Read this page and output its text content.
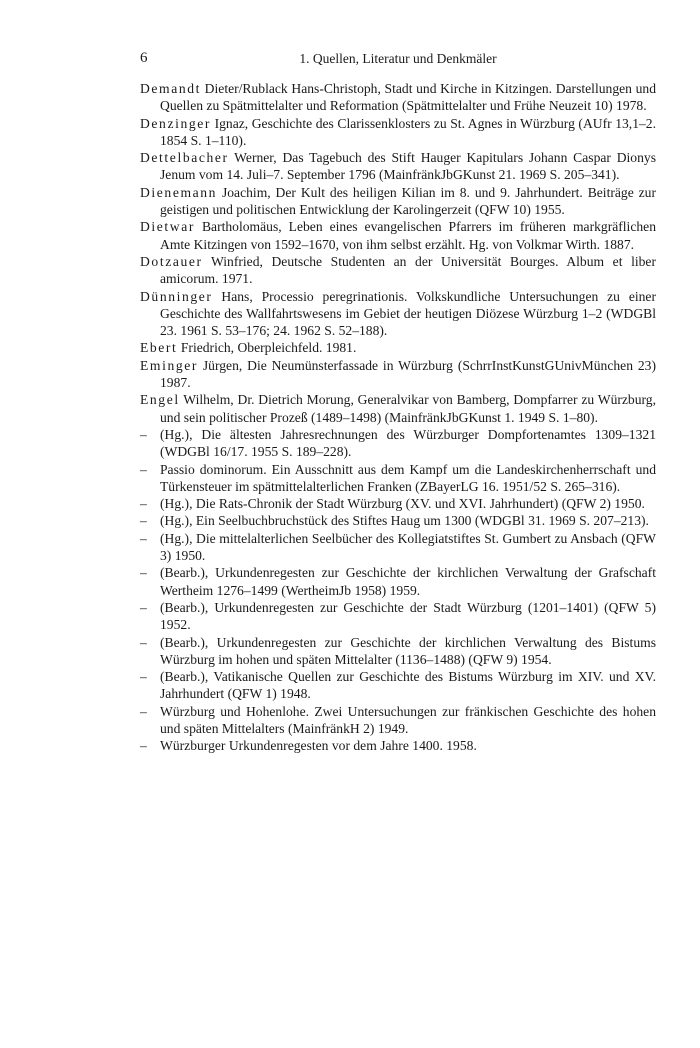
6	1. Quellen, Literatur und Denkmäler

Demandt Dieter/Rublack Hans-Christoph, Stadt und Kirche in Kitzingen. Darstellungen und Quellen zu Spätmittelalter und Reformation (Spätmittelalter und Frühe Neuzeit 10) 1978.

Denzinger Ignaz, Geschichte des Clarissenklosters zu St. Agnes in Würzburg (AUfr 13,1–2. 1854 S. 1–110).

Dettelbacher Werner, Das Tagebuch des Stift Hauger Kapitulars Johann Caspar Dionys Jenum vom 14. Juli–7. September 1796 (MainfränkJbGKunst 21. 1969 S. 205–341).

Dienemann Joachim, Der Kult des heiligen Kilian im 8. und 9. Jahrhundert. Beiträge zur geistigen und politischen Entwicklung der Karolingerzeit (QFW 10) 1955.

Dietwar Bartholomäus, Leben eines evangelischen Pfarrers im früheren markgräflichen Amte Kitzingen von 1592–1670, von ihm selbst erzählt. Hg. von Volkmar Wirth. 1887.

Dotzauer Winfried, Deutsche Studenten an der Universität Bourges. Album et liber amicorum. 1971.

Dünninger Hans, Processio peregrinationis. Volkskundliche Untersuchungen zu einer Geschichte des Wallfahrtswesens im Gebiet der heutigen Diözese Würzburg 1–2 (WDGBl 23. 1961 S. 53–176; 24. 1962 S. 52–188).

Ebert Friedrich, Oberpleichfeld. 1981.

Eminger Jürgen, Die Neumünsterfassade in Würzburg (SchrrInstKunstGUnivMünchen 23) 1987.

Engel Wilhelm, Dr. Dietrich Morung, Generalvikar von Bamberg, Dompfarrer zu Würzburg, und sein politischer Prozeß (1489–1498) (MainfränkJbGKunst 1. 1949 S. 1–80).

– (Hg.), Die ältesten Jahresrechnungen des Würzburger Dompfortenamtes 1309–1321 (WDGBl 16/17. 1955 S. 189–228).

– Passio dominorum. Ein Ausschnitt aus dem Kampf um die Landeskirchenherrschaft und Türkensteuer im spätmittelalterlichen Franken (ZBayerLG 16. 1951/52 S. 265–316).

– (Hg.), Die Rats-Chronik der Stadt Würzburg (XV. und XVI. Jahrhundert) (QFW 2) 1950.

– (Hg.), Ein Seelbuchbruchstück des Stiftes Haug um 1300 (WDGBl 31. 1969 S. 207–213).

– (Hg.), Die mittelalterlichen Seelbücher des Kollegiatstiftes St. Gumbert zu Ansbach (QFW 3) 1950.

– (Bearb.), Urkundenregesten zur Geschichte der kirchlichen Verwaltung der Grafschaft Wertheim 1276–1499 (WertheimJb 1958) 1959.

– (Bearb.), Urkundenregesten zur Geschichte der Stadt Würzburg (1201–1401) (QFW 5) 1952.

– (Bearb.), Urkundenregesten zur Geschichte der kirchlichen Verwaltung des Bistums Würzburg im hohen und späten Mittelalter (1136–1488) (QFW 9) 1954.

– (Bearb.), Vatikanische Quellen zur Geschichte des Bistums Würzburg im XIV. und XV. Jahrhundert (QFW 1) 1948.

– Würzburg und Hohenlohe. Zwei Untersuchungen zur fränkischen Geschichte des hohen und späten Mittelalters (MainfränkH 2) 1949.

– Würzburger Urkundenregesten vor dem Jahre 1400. 1958.
